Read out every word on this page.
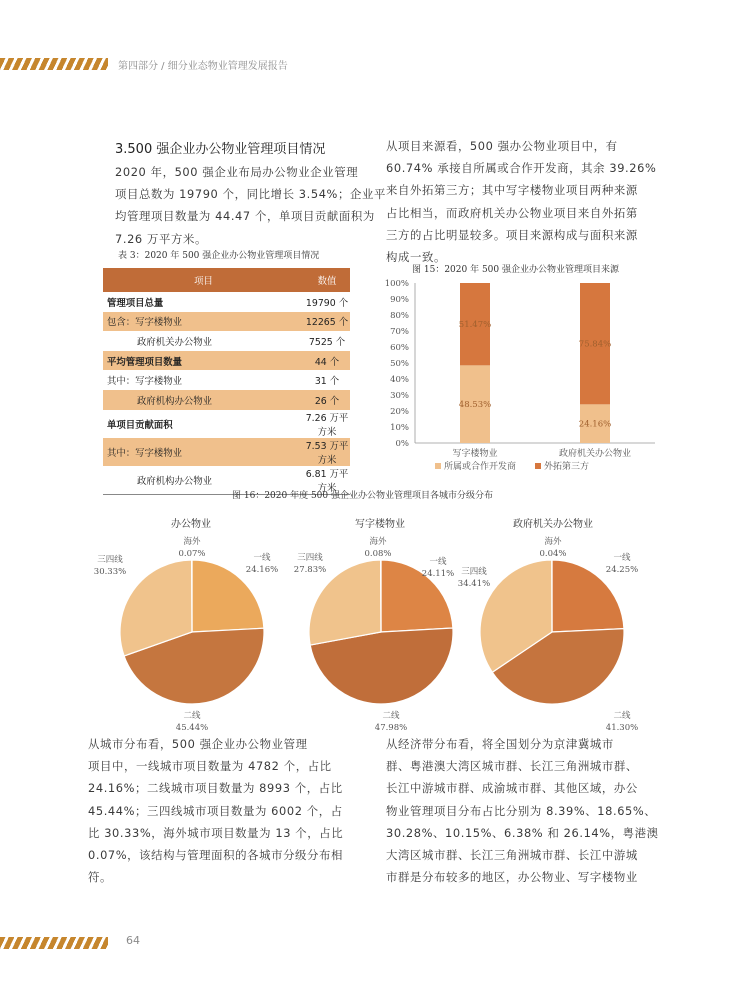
第四部分 / 细分业态物业管理发展报告
3.500 强企业办公物业管理项目情况
2020 年，500 强企业布局办公物业企业管理
项目总数为 19790 个，同比增长 3.54%；企业平
均管理项目数量为 44.47 个，单项目贡献面积为
7.26 万平方米。
表 3：2020 年 500 强企业办公物业管理项目情况
项目	数值
管理项目总量	19790 个
包含：写字楼物业	12265 个
政府机关办公物业	7525 个
平均管理项目数量	44 个
其中：写字楼物业	31 个
政府机构办公物业	26 个
单项目贡献面积	7.26 万平方米
其中：写字楼物业	7.53 万平方米
政府机构办公物业	6.81 万平方米
从项目来源看，500 强办公物业项目中，有
60.74% 承接自所属或合作开发商，其余 39.26%
来自外拓第三方；其中写字楼物业项目两种来源
占比相当，而政府机关办公物业项目来自外拓第
三方的占比明显较多。项目来源构成与面积来源
构成一致。
图 15：2020 年 500 强企业办公物业管理项目来源
0%
10%
20%
30%
40%
50%
60%
70%
80%
90%
100%
48.53%
51.47%
写字楼物业
24.16%
75.84%
政府机关办公物业
所属或合作开发商	外拓第三方
图 16：2020 年度 500 强企业办公物业管理项目各城市分级分布
办公物业
一线
24.16%
二线
45.44%
三四线
30.33%
海外
0.07%
写字楼物业
一线
24.11%
二线
47.98%
三四线
27.83%
海外
0.08%
政府机关办公物业
一线
24.25%
二线
41.30%
三四线
34.41%
海外
0.04%
从城市分布看，500 强企业办公物业管理
项目中，一线城市项目数量为 4782 个，占比
24.16%；二线城市项目数量为 8993 个，占比
45.44%；三四线城市项目数量为 6002 个，占
比 30.33%，海外城市项目数量为 13 个，占比
0.07%，该结构与管理面积的各城市分级分布相
符。
从经济带分布看，将全国划分为京津冀城市
群、粤港澳大湾区城市群、长江三角洲城市群、
长江中游城市群、成渝城市群、其他区域，办公
物业管理项目分布占比分别为 8.39%、18.65%、
30.28%、10.15%、6.38% 和 26.14%，粤港澳
大湾区城市群、长江三角洲城市群、长江中游城
市群是分布较多的地区，办公物业、写字楼物业
64
